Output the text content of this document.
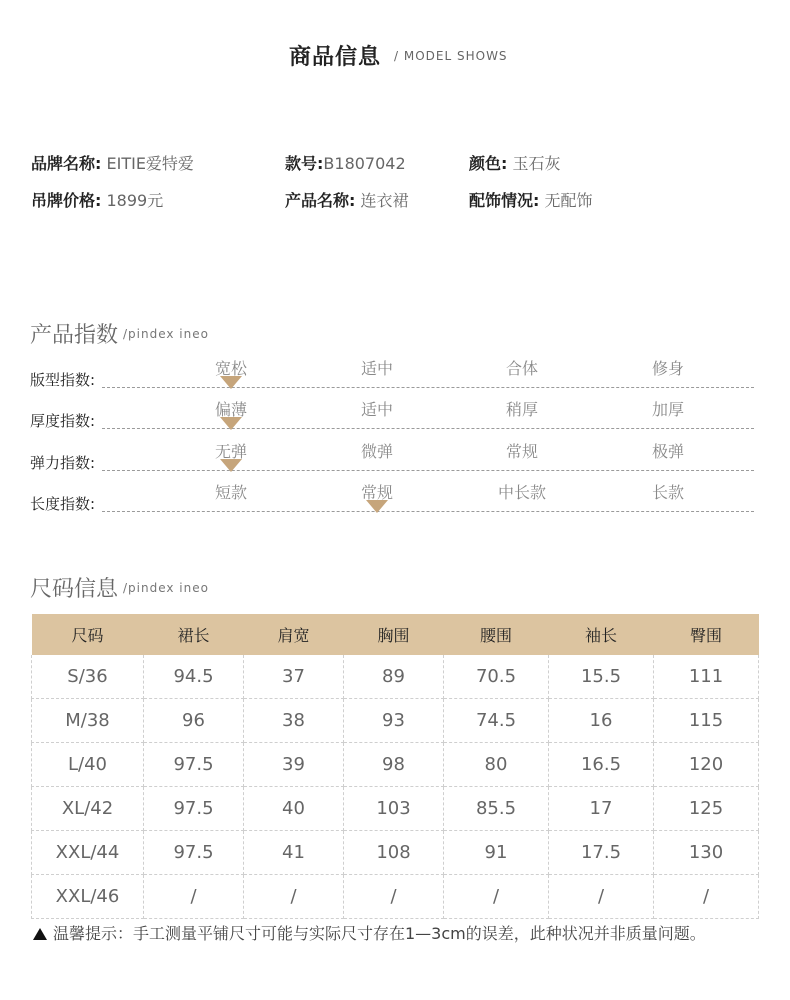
商品信息 / MODEL SHOWS
品牌名称: EITIE爱特爱	款号:B1807042	颜色: 玉石灰
吊牌价格: 1899元	产品名称: 连衣裙	配饰情况: 无配饰
产品指数 /pindex ineo
版型指数:
宽松	适中	合体	修身
厚度指数:
偏薄	适中	稍厚	加厚
弹力指数:
无弹	微弹	常规	极弹
长度指数:
短款	常规	中长款	长款
尺码信息 /pindex ineo
尺码	裙长	肩宽	胸围	腰围	袖长	臀围
S/36	94.5	37	89	70.5	15.5	111
M/38	96	38	93	74.5	16	115
L/40	97.5	39	98	80	16.5	120
XL/42	97.5	40	103	85.5	17	125
XXL/44	97.5	41	108	91	17.5	130
XXL/46	/	/	/	/	/	/
温馨提示：手工测量平铺尺寸可能与实际尺寸存在1—3cm的误差，此种状况并非质量问题。
